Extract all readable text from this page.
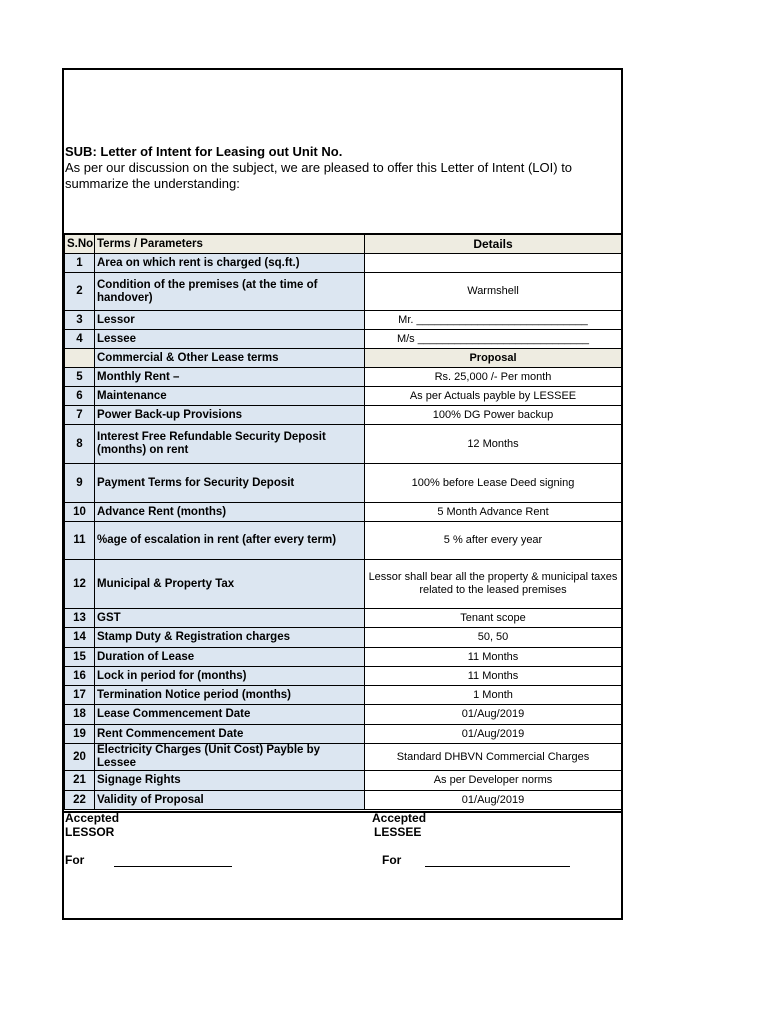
SUB: Letter of Intent for Leasing out Unit No.
As per our discussion on the subject, we are pleased to offer this Letter of Intent (LOI) to summarize the understanding:
S.No	Terms / Parameters	Details
1	Area on which rent is charged (sq.ft.)	
2	Condition of the premises (at the time of handover)	Warmshell
3	Lessor	Mr. ____________________________
4	Lessee	M/s ____________________________
	Commercial & Other Lease terms	Proposal
5	Monthly Rent –	Rs. 25,000 /- Per month
6	Maintenance	As per Actuals payble by LESSEE
7	Power Back-up Provisions	100% DG Power backup
8	Interest Free Refundable Security Deposit (months) on rent	12 Months
9	Payment Terms for Security Deposit	100% before Lease Deed signing
10	Advance Rent (months)	5 Month Advance Rent
11	%age of escalation in rent (after every term)	5 % after every year
12	Municipal & Property Tax	Lessor shall bear all the property & municipal taxes related to the leased premises
13	GST	Tenant scope
14	Stamp Duty & Registration charges	50, 50
15	Duration of Lease	11 Months
16	Lock in period for (months)	11 Months
17	Termination Notice period (months)	1 Month
18	Lease Commencement Date	01/Aug/2019
19	Rent Commencement Date	01/Aug/2019
20	Electricity Charges (Unit Cost) Payble by Lessee	Standard DHBVN Commercial Charges
21	Signage Rights	As per Developer norms
22	Validity of Proposal	01/Aug/2019
Accepted
LESSOR
For
Accepted
LESSEE
For
